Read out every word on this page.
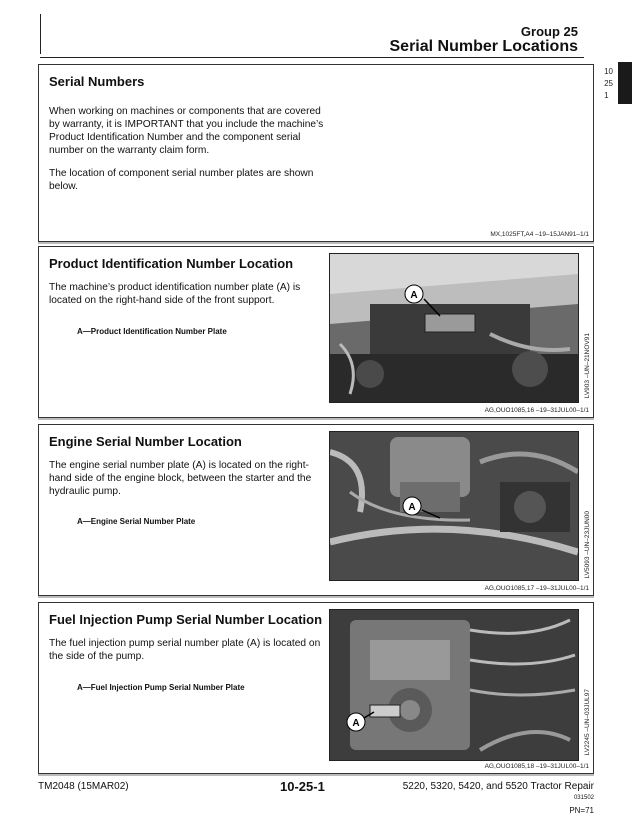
Group 25
Serial Number Locations
10
25
1
Serial Numbers

When working on machines or components that are covered by warranty, it is IMPORTANT that you include the machine’s Product Identification Number and the component serial number on the warranty claim form.

The location of component serial number plates are shown below.

MX,1025FT,A4 –19–15JAN91–1/1
Product Identification Number Location

The machine’s product identification number plate (A) is located on the right-hand side of the front support.

A—Product Identification Number Plate
A
LV903 –UN–21NOV91
AG,OUO1085,16 –19–31JUL00–1/1
Engine Serial Number Location

The engine serial number plate (A) is located on the right-hand side of the engine block, between the starter and the hydraulic pump.

A—Engine Serial Number Plate
A
LV5093 –UN–23JUN00
AG,OUO1085,17 –19–31JUL00–1/1
Fuel Injection Pump Serial Number Location

The fuel injection pump serial number plate (A) is located on the side of the pump.

A—Fuel Injection Pump Serial Number Plate
A	LV2245 –UN–03JUL97
AG,OUO1085,18 –19–31JUL00–1/1
TM2048 (15MAR02)	10-25-1	5220, 5320, 5420, and 5520 Tractor Repair
031502
PN=71
